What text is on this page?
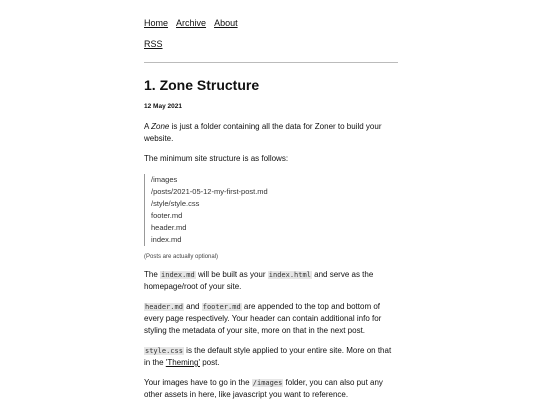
Home Archive About
RSS
1. Zone Structure
12 May 2021

A Zone is just a folder containing all the data for Zoner to build your website.

The minimum site structure is as follows:

/images
/posts/2021-05-12-my-first-post.md
/style/style.css
footer.md
header.md
index.md
(Posts are actually optional)

The index.md will be built as your index.html and serve as the homepage/root of your site.

header.md and footer.md are appended to the top and bottom of every page respectively. Your header can contain additional info for styling the metadata of your site, more on that in the next post.

style.css is the default style applied to your entire site. More on that in the 'Theming' post.

Your images have to go in the /images folder, you can also put any other assets in here, like javascript you want to reference.
